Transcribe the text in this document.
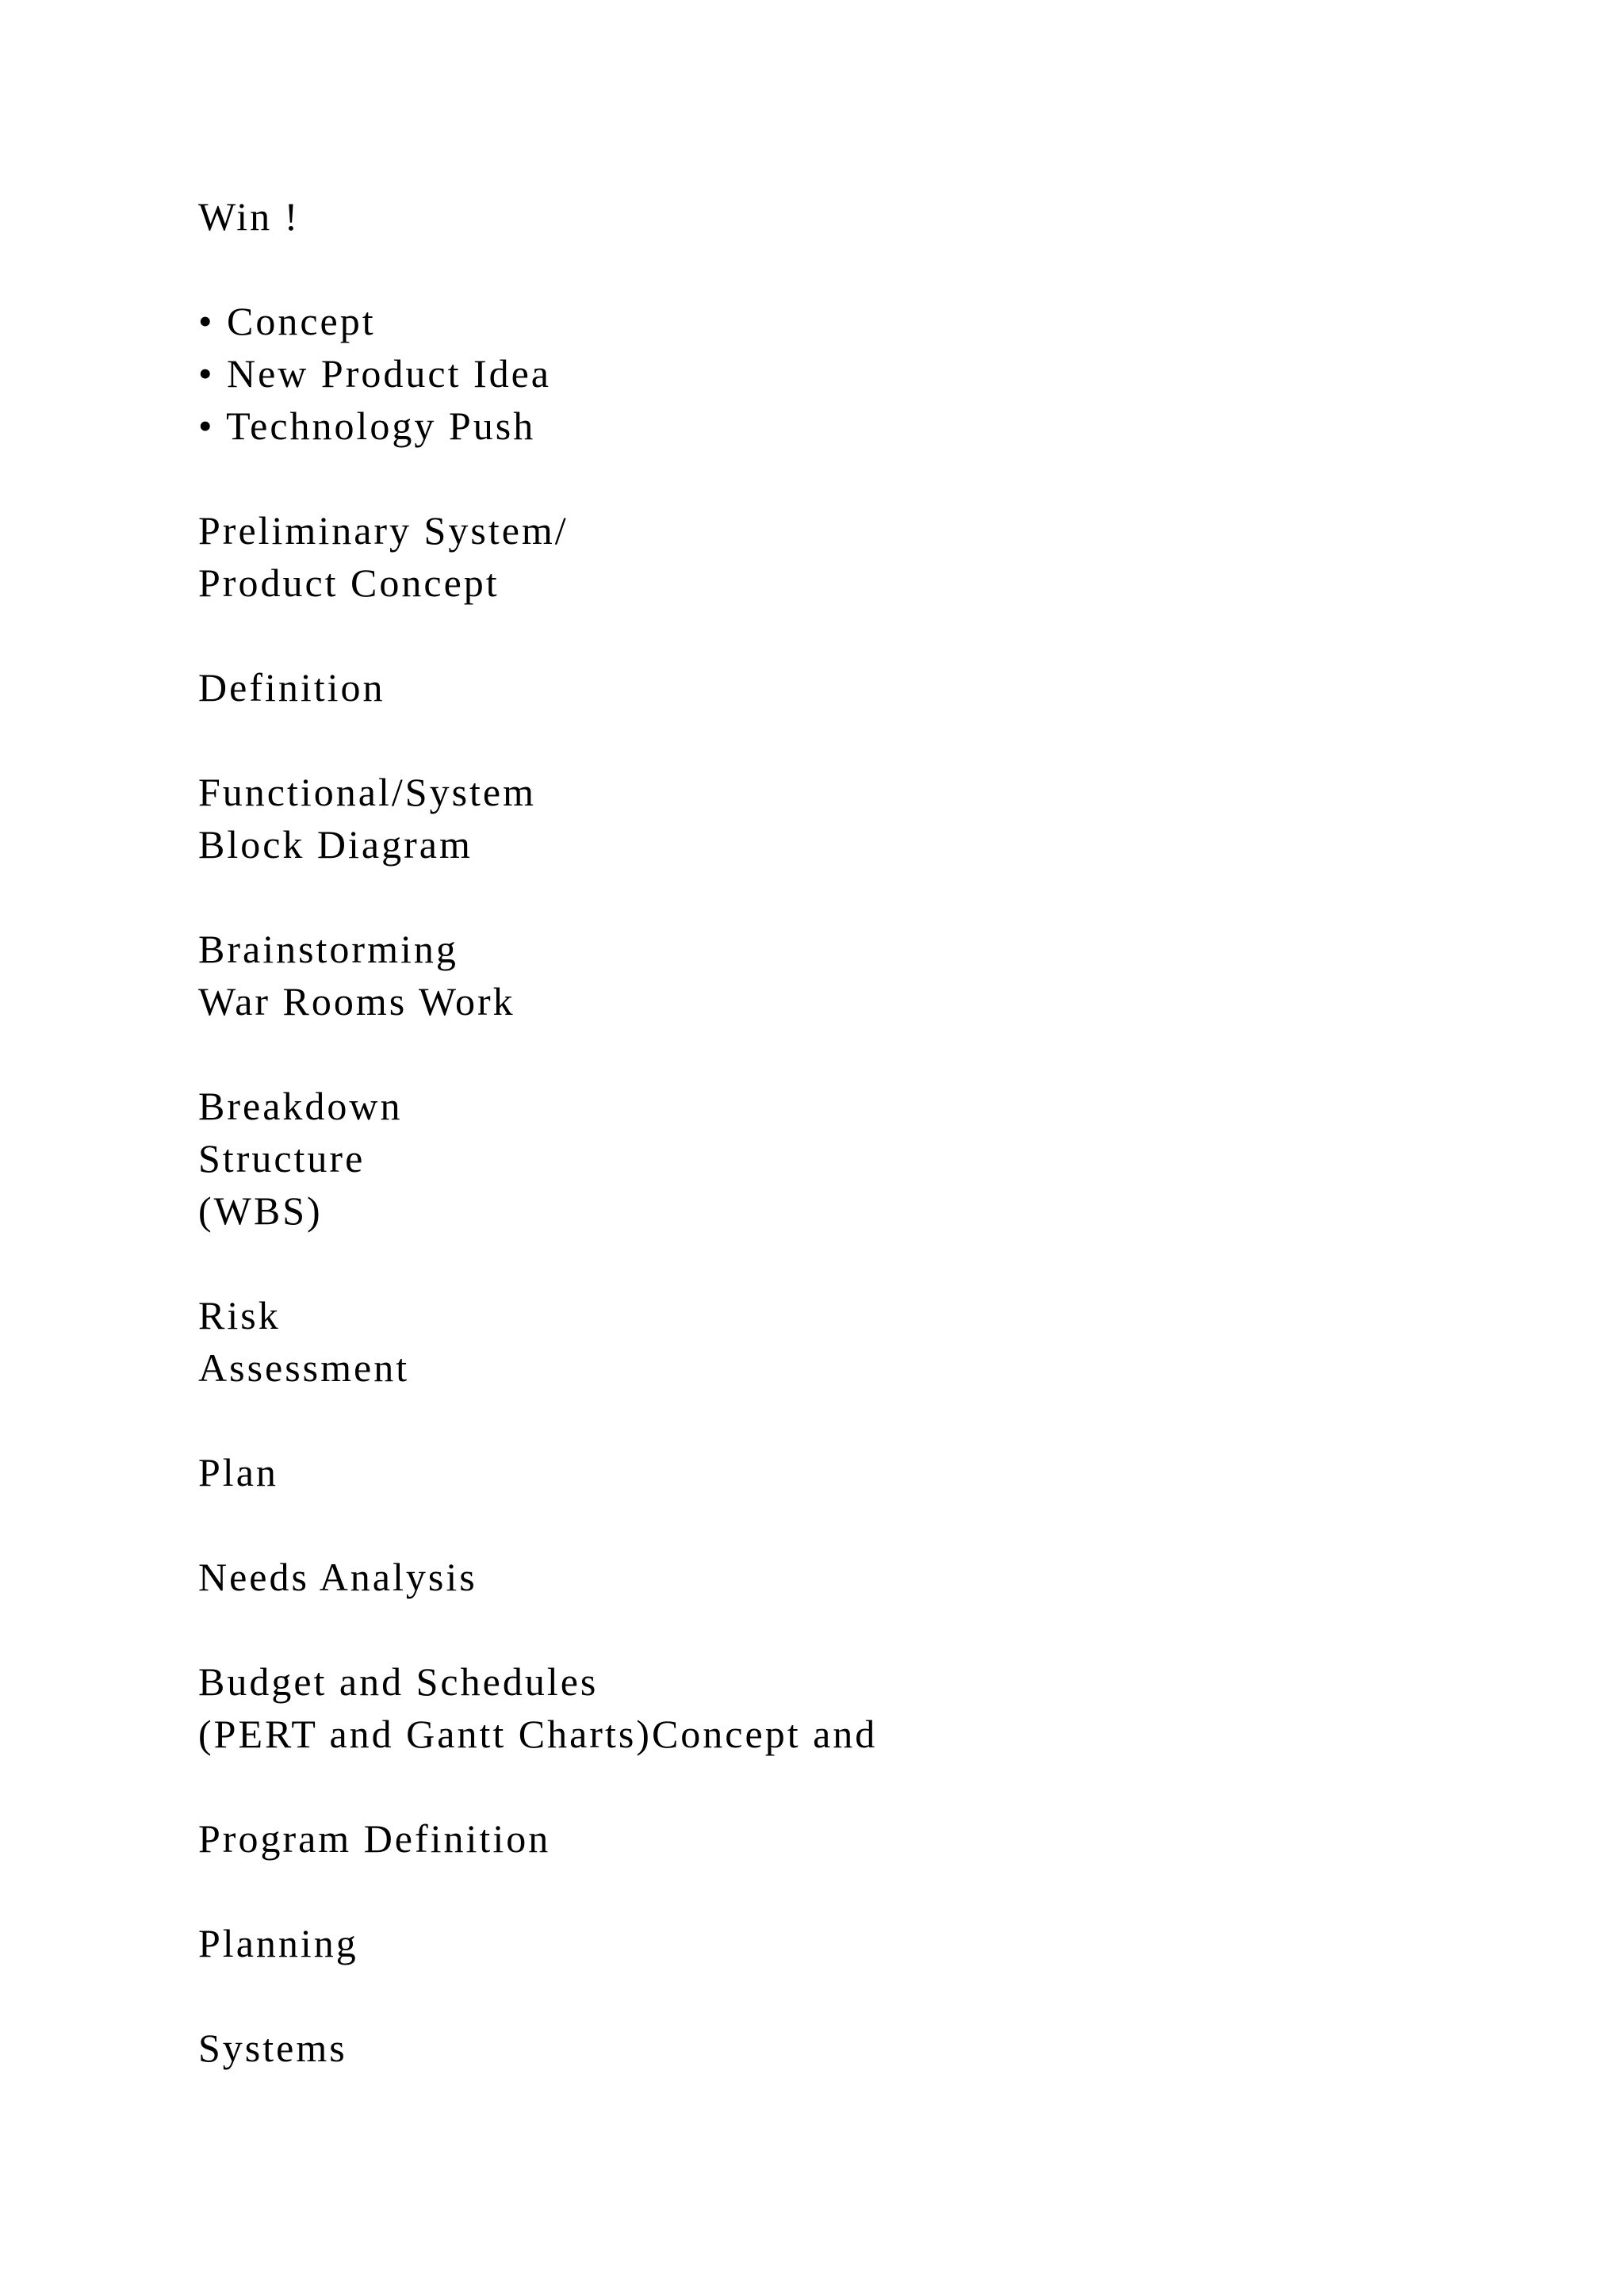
Win !
• Concept
• New Product Idea
• Technology Push
Preliminary System/
Product Concept
Definition
Functional/System
Block Diagram
Brainstorming
War Rooms Work
Breakdown
Structure
(WBS)
Risk
Assessment
Plan
Needs Analysis
Budget and Schedules
(PERT and Gantt Charts)Concept and
Program Definition
Planning
Systems
